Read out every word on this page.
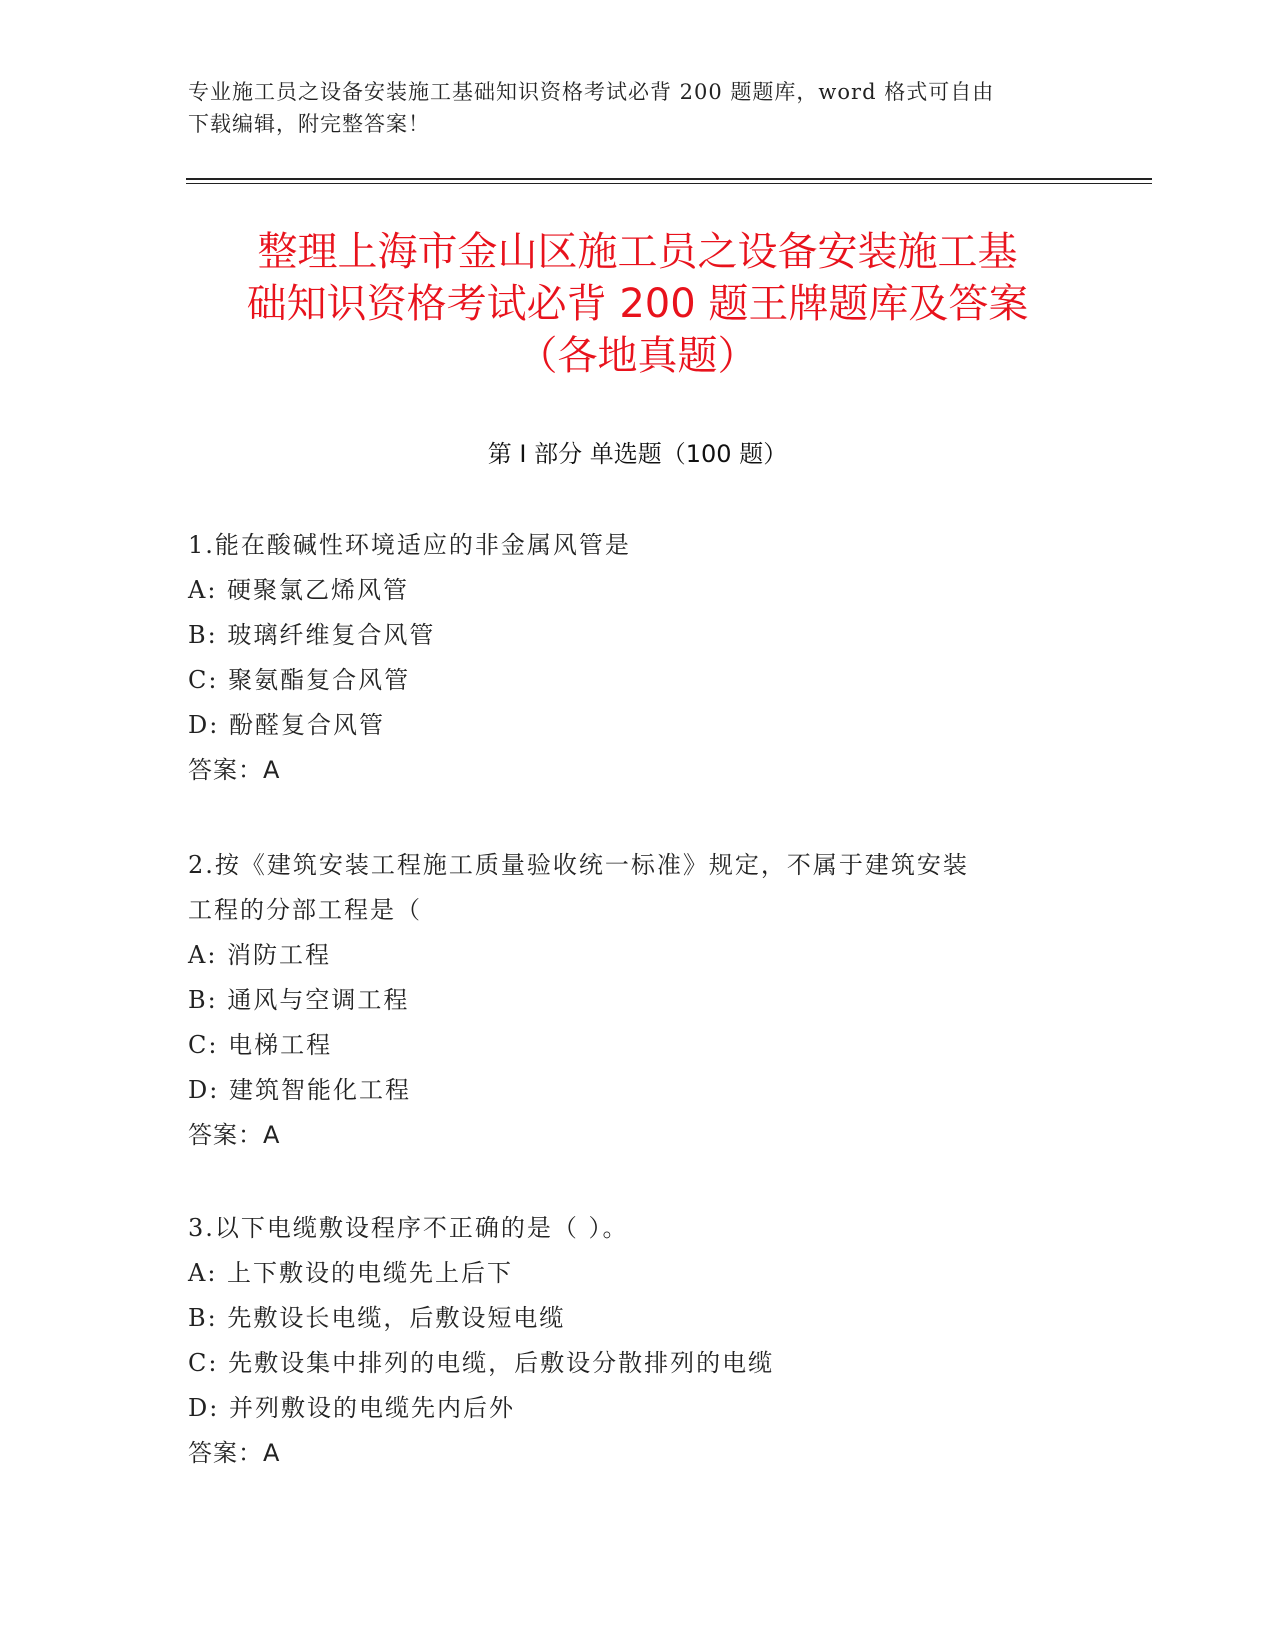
专业施工员之设备安装施工基础知识资格考试必背 200 题题库，word 格式可自由
下载编辑，附完整答案！
整理上海市金山区施工员之设备安装施工基
础知识资格考试必背 200 题王牌题库及答案
（各地真题）
第 I 部分 单选题（100 题）
1.能在酸碱性环境适应的非金属风管是
A: 硬聚氯乙烯风管
B: 玻璃纤维复合风管
C: 聚氨酯复合风管
D: 酚醛复合风管
答案：A
2.按《建筑安装工程施工质量验收统一标准》规定，不属于建筑安装
工程的分部工程是（
A: 消防工程
B: 通风与空调工程
C: 电梯工程
D: 建筑智能化工程
答案：A
3.以下电缆敷设程序不正确的是（ ）。
A: 上下敷设的电缆先上后下
B: 先敷设长电缆，后敷设短电缆
C: 先敷设集中排列的电缆，后敷设分散排列的电缆
D: 并列敷设的电缆先内后外
答案：A
